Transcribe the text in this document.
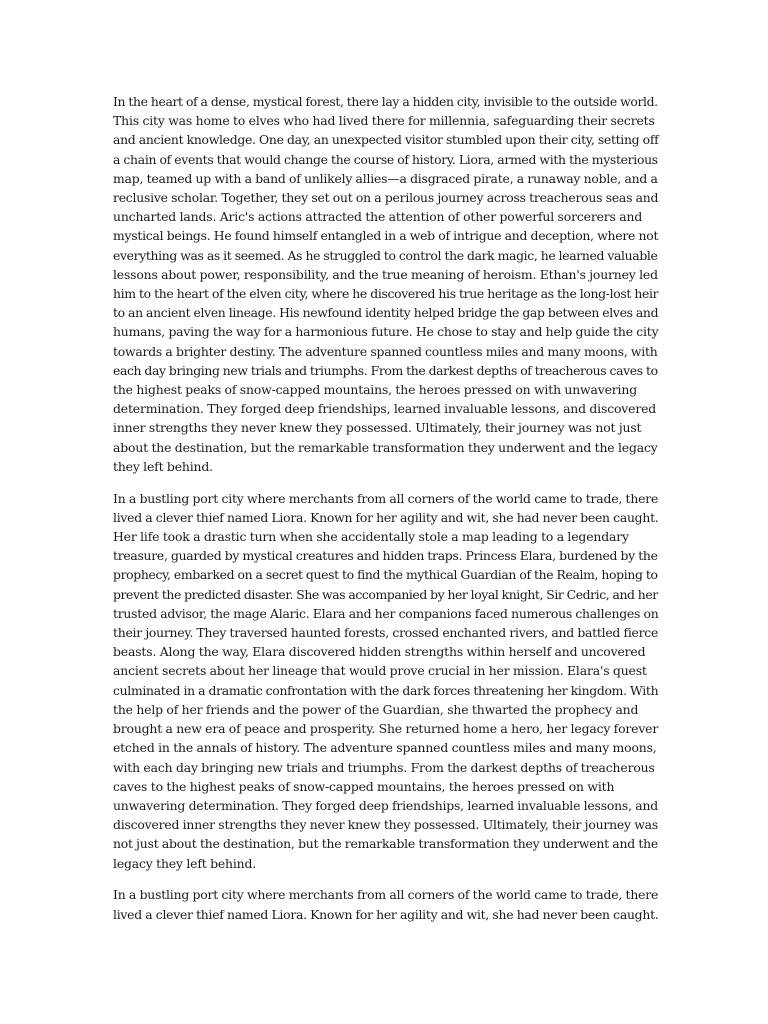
In the heart of a dense, mystical forest, there lay a hidden city, invisible to the outside world.
This city was home to elves who had lived there for millennia, safeguarding their secrets
and ancient knowledge. One day, an unexpected visitor stumbled upon their city, setting off
a chain of events that would change the course of history. Liora, armed with the mysterious
map, teamed up with a band of unlikely allies—a disgraced pirate, a runaway noble, and a
reclusive scholar. Together, they set out on a perilous journey across treacherous seas and
uncharted lands. Aric's actions attracted the attention of other powerful sorcerers and
mystical beings. He found himself entangled in a web of intrigue and deception, where not
everything was as it seemed. As he struggled to control the dark magic, he learned valuable
lessons about power, responsibility, and the true meaning of heroism. Ethan's journey led
him to the heart of the elven city, where he discovered his true heritage as the long-lost heir
to an ancient elven lineage. His newfound identity helped bridge the gap between elves and
humans, paving the way for a harmonious future. He chose to stay and help guide the city
towards a brighter destiny. The adventure spanned countless miles and many moons, with
each day bringing new trials and triumphs. From the darkest depths of treacherous caves to
the highest peaks of snow-capped mountains, the heroes pressed on with unwavering
determination. They forged deep friendships, learned invaluable lessons, and discovered
inner strengths they never knew they possessed. Ultimately, their journey was not just
about the destination, but the remarkable transformation they underwent and the legacy
they left behind.

In a bustling port city where merchants from all corners of the world came to trade, there
lived a clever thief named Liora. Known for her agility and wit, she had never been caught.
Her life took a drastic turn when she accidentally stole a map leading to a legendary
treasure, guarded by mystical creatures and hidden traps. Princess Elara, burdened by the
prophecy, embarked on a secret quest to find the mythical Guardian of the Realm, hoping to
prevent the predicted disaster. She was accompanied by her loyal knight, Sir Cedric, and her
trusted advisor, the mage Alaric. Elara and her companions faced numerous challenges on
their journey. They traversed haunted forests, crossed enchanted rivers, and battled fierce
beasts. Along the way, Elara discovered hidden strengths within herself and uncovered
ancient secrets about her lineage that would prove crucial in her mission. Elara's quest
culminated in a dramatic confrontation with the dark forces threatening her kingdom. With
the help of her friends and the power of the Guardian, she thwarted the prophecy and
brought a new era of peace and prosperity. She returned home a hero, her legacy forever
etched in the annals of history. The adventure spanned countless miles and many moons,
with each day bringing new trials and triumphs. From the darkest depths of treacherous
caves to the highest peaks of snow-capped mountains, the heroes pressed on with
unwavering determination. They forged deep friendships, learned invaluable lessons, and
discovered inner strengths they never knew they possessed. Ultimately, their journey was
not just about the destination, but the remarkable transformation they underwent and the
legacy they left behind.

In a bustling port city where merchants from all corners of the world came to trade, there
lived a clever thief named Liora. Known for her agility and wit, she had never been caught.
